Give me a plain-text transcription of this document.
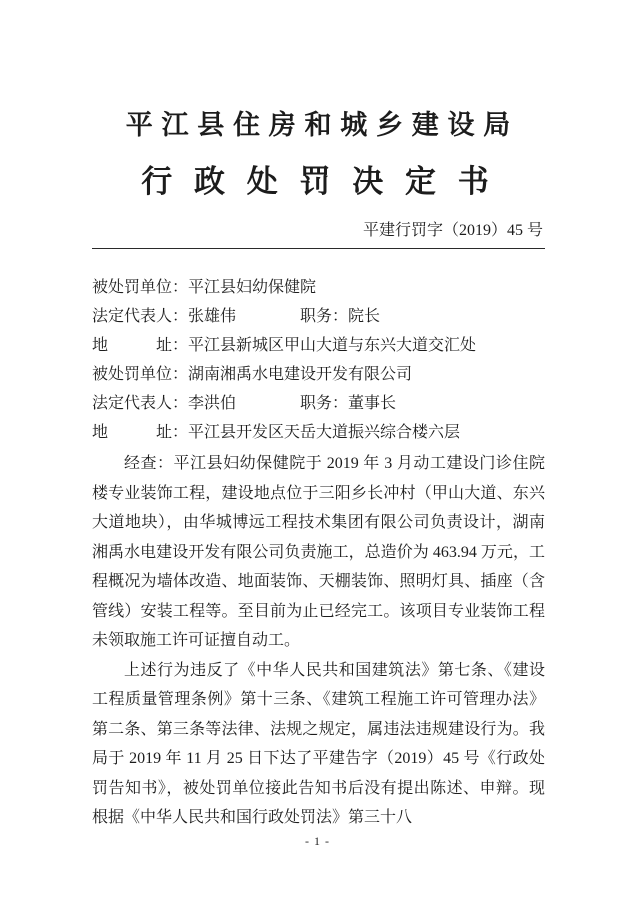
平 江 县 住 房 和 城 乡 建 设 局
行 政 处 罚 决 定 书
平建行罚字（2019）45 号
被处罚单位：平江县妇幼保健院
法定代表人：张雄伟　　　　职务：院长
地　　　址：平江县新城区甲山大道与东兴大道交汇处
被处罚单位：湖南湘禹水电建设开发有限公司
法定代表人：李洪伯　　　　职务：董事长
地　　　址：平江县开发区天岳大道振兴综合楼六层

经查：平江县妇幼保健院于 2019 年 3 月动工建设门诊住院楼专业装饰工程，建设地点位于三阳乡长冲村（甲山大道、东兴大道地块），由华城博远工程技术集团有限公司负责设计，湖南湘禹水电建设开发有限公司负责施工，总造价为 463.94 万元，工程概况为墙体改造、地面装饰、天棚装饰、照明灯具、插座（含管线）安装工程等。至目前为止已经完工。该项目专业装饰工程未领取施工许可证擅自动工。

上述行为违反了《中华人民共和国建筑法》第七条、《建设工程质量管理条例》第十三条、《建筑工程施工许可管理办法》第二条、第三条等法律、法规之规定，属违法违规建设行为。我局于 2019 年 11 月 25 日下达了平建告字（2019）45 号《行政处罚告知书》，被处罚单位接此告知书后没有提出陈述、申辩。现根据《中华人民共和国行政处罚法》第三十八

- 1 -
